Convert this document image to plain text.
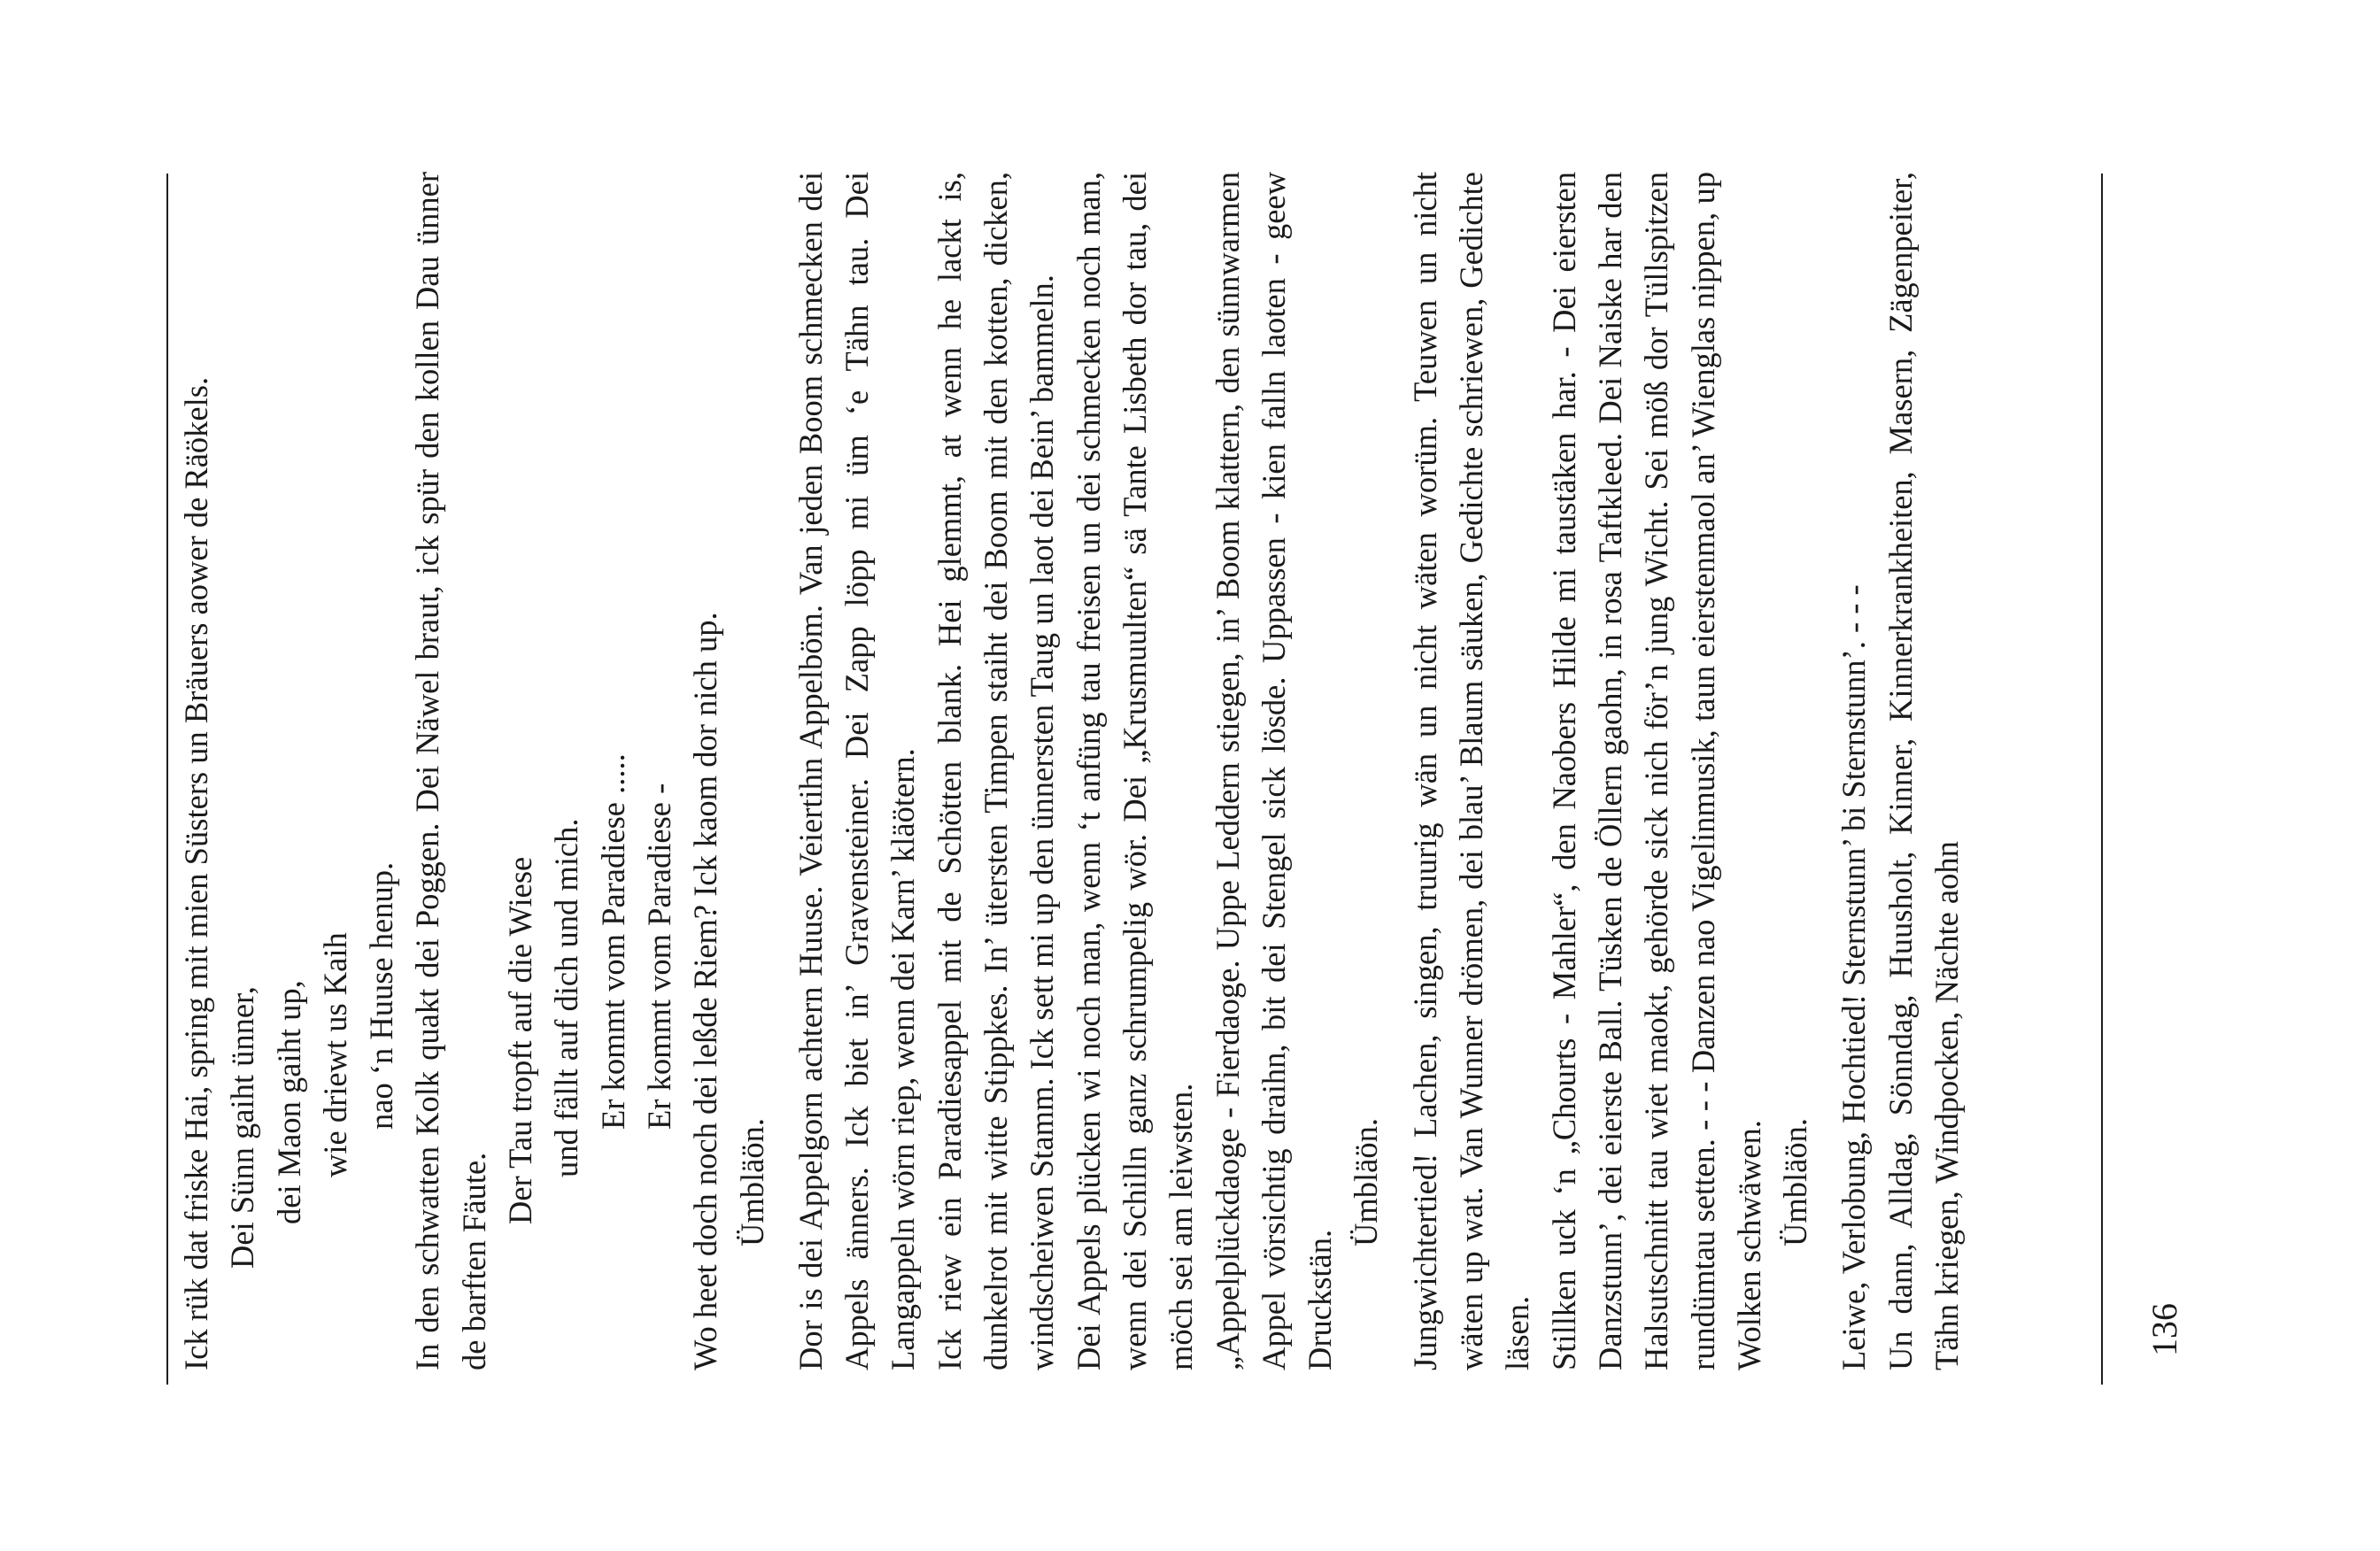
Ick rük dat friske Hai, spring mit mien Süsters un Bräuers aower de Räökels. Dei Sünn gaiht ünner, dei Maon gaiht up, wie driewt us Kaih nao ‘n Huuse henup. In den schwatten Kolk quakt dei Poggen. Dei Näwel braut, ick spür den kollen Dau ünner de barften Fäute.
Der Tau tropft auf die Wiese und fällt auf dich und mich. Er kommt vom Paradiese ..... Er kommt vom Paradiese - Wo heet doch noch dei leßde Riem? Ick kaom dor nich up. Ümbläön. Dor is dei Appelgorn achtern Huuse. Veiertihn Appelböm. Van jeden Boom schmecken dei Appels änners. Ick biet in’ Gravensteiner. Dei Zapp löpp mi üm ‘e Tähn tau. Dei Langappeln wörn riep, wenn dei Karn’ kläötern. Ick riew ein Paradiesappel mit de Schötten blank. Hei glemmt, at wenn he lackt is, dunkelrot mit witte Stippkes. In’ ütersten Timpen staiht dei Boom mit den kotten, dicken, windscheiwen Stamm. Ick sett mi up den ünnersten Taug un laot dei Bein’ bammeln. Dei Appels plücken wi noch man, wenn ‘t anfüng tau freisen un dei schmecken noch man, wenn dei Schilln ganz schrumpelig wör. Dei „Krusmuulten“ sä Tante Lisbeth dor tau, dei möch sei am leiwsten. „Appelplückdaoge - Fierdaoge. Uppe Leddern stiegen, in’ Boom klattern, den sünnwarmen Appel vörsichtig draihn, bit dei Stengel sick lösde. Uppassen - kien falln laoten - geew Druckstän.
Ümbläön. Jungwichtertied! Lachen, singen, truurig wän un nicht wäten worüm. Teuwen un nicht wäten up wat. Van Wunner drömen, dei blau’ Blaum säuken, Gedichte schriewen, Gedichte läsen. Stillken uck ‘n „Chourts - Mahler“, den Naobers Hilde mi taustäken har. - Dei eiersten Danzstunn’, dei eierste Ball. Tüsken de Öllern gaohn, in rosa Taftkleed. Dei Naiske har den Halsutschnitt tau wiet maokt, gehörde sick nich för’n jung Wicht. Sei möß dor Tüllspitzen rundümtau setten. - - - Danzen nao Vigelinmusik, taun eierstenmaol an’ Wienglas nippen, up Wolken schwäwen. Ümbläön. Leiwe, Verlobung, Hochtied! Sternstunn’ bi Sternstunn’. - - - Un dann, Alldag, Sönndag, Huusholt, Kinner, Kinnerkrankheiten, Masern, Zägenpeiter, Tähn kriegen, Windpocken, Nächte aohn	136
